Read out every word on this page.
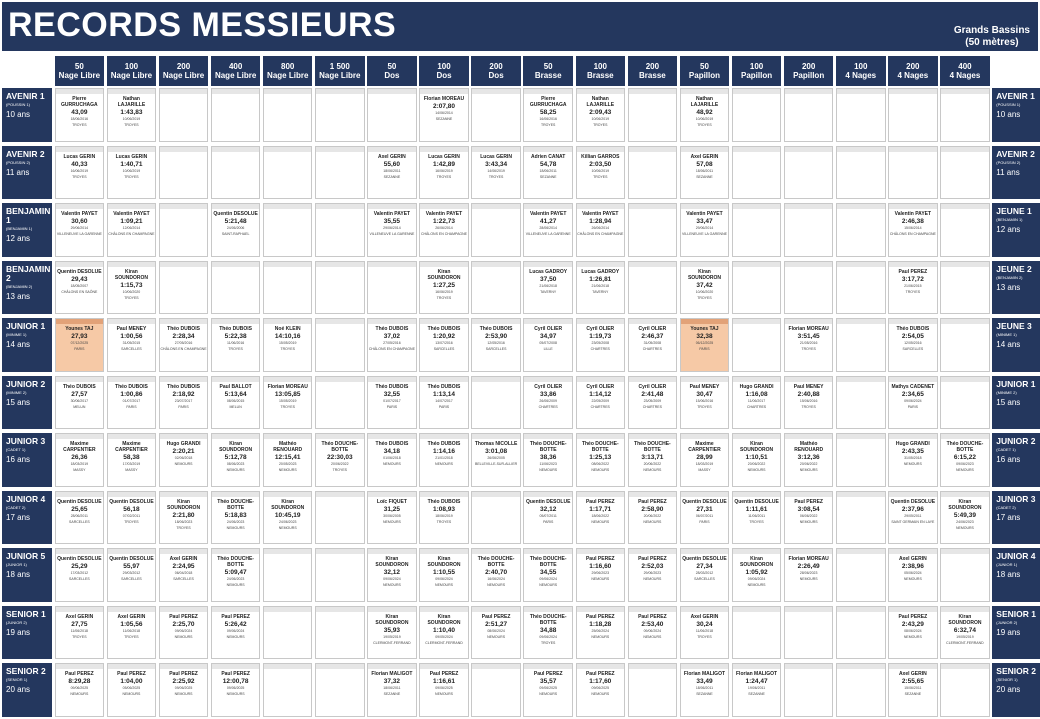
RECORDS MESSIEURS	Grands Bassins
(50 mètres)
50
Nage Libre
100
Nage Libre
200
Nage Libre
400
Nage Libre
800
Nage Libre
1 500
Nage Libre
50
Dos
100
Dos
200
Dos
50
Brasse
100
Brasse
200
Brasse
50
Papillon
100
Papillon
200
Papillon
100
4 Nages
200
4 Nages
400
4 Nages
AVENIR 1
(POUSSIN 1)
10 ans
Pierre GURRUCHAGA
43,09
18/06/2016
TROYES
Nathan LAJARILLE
1:43,83
10/06/2019
TROYES
Florian MOREAU
2:07,80
14/06/2014
SEZANNE
Pierre GURRUCHAGA
58,25
16/06/2016
TROYES
Nathan LAJARILLE
2:09,43
10/06/2019
TROYES
Nathan LAJARILLE
48,92
10/06/2019
TROYES
AVENIR 1
(POUSSIN 1)
10 ans
AVENIR 2
(POUSSIN 2)
11 ans
Lucas GERIN
40,33
16/06/2019
TROYES
Lucas GERIN
1:40,71
10/06/2019
TROYES
Axel GERIN
55,60
18/06/2011
SEZANNE
Lucas GERIN
1:42,89
16/06/2019
TROYES
Lucas GERIN
3:43,34
14/06/2019
TROYES
Adrien CANAT
54,78
18/06/2011
SEZANNE
Killian GARROS
2:03,50
10/06/2019
TROYES
Axel GERIN
57,08
18/06/2011
SEZANNE
AVENIR 2
(POUSSIN 2)
11 ans
BENJAMIN 1
(BENJAMIN 1)
12 ans
Valentin PAYET
30,60
29/06/2014
VILLENEUVE LA GARENNE
Valentin PAYET
1:09,21
12/06/2014
CHÂLONS EN CHAMPAGNE
Quentin DESOLUE
5:21,48
24/06/2006
SAINT-RAPHAEL
Valentin PAYET
35,55
29/06/2014
VILLENEUVE LA GARENNE
Valentin PAYET
1:22,73
26/06/2014
CHÂLONS EN CHAMPAGNE
Valentin PAYET
41,27
28/06/2014
VILLENEUVE LA GARENNE
Valentin PAYET
1:28,94
26/06/2014
CHÂLONS EN CHAMPAGNE
Valentin PAYET
33,47
29/06/2014
VILLENEUVE LA GARENNE
Valentin PAYET
2:46,38
15/06/2014
CHÂLONS EN CHAMPAGNE
JEUNE 1
(BENJAMIN 1)
12 ans
BENJAMIN 2
(BENJAMIN 2)
13 ans
Quentin DESOLUE
29,43
18/05/2007
CHÂLONS EN SAÔNE
Kiran SOUNDORON
1:15,73
10/06/2020
TROYES
Kiran SOUNDORON
1:27,25
16/06/2019
TROYES
Lucas GADROY
37,50
21/06/2018
TAVERNY
Lucas GADROY
1:26,81
21/06/2018
TAVERNY
Kiran SOUNDORON
37,42
10/06/2020
TROYES
Paul PEREZ
3:17,72
21/06/2015
TROYES
JEUNE 2
(BENJAMIN 2)
13 ans
JUNIOR 1
(MINIME 1)
14 ans
Younes TAJ
27,93
07/12/2025
PARIS
Paul MENEY
1:00,56
31/05/2015
SARCELLES
Théo DUBOIS
2:28,34
27/05/2016
CHÂLONS EN CHAMPAGNE
Théo DUBOIS
5:22,38
11/06/2016
TROYES
Noé KLEIN
14:10,16
15/05/2019
TROYES
Théo DUBOIS
37,02
27/05/2016
CHÂLONS EN CHAMPAGNE
Théo DUBOIS
1:20,92
13/07/2016
SARCELLES
Théo DUBOIS
2:53,90
12/05/2016
SARCELLES
Cyril OLIER
34,97
05/07/2008
LILLE
Cyril OLIER
1:19,73
23/05/2008
CHARTRES
Cyril OLIER
2:46,37
31/05/2008
CHARTRES
Younes TAJ
32,38
06/12/2025
PARIS
Florian MOREAU
3:51,45
21/05/2016
TROYES
Théo DUBOIS
2:54,05
12/05/2016
SARCELLES
JEUNE 3
(MINIME 1)
14 ans
JUNIOR 2
(MINIME 2)
15 ans
Théo DUBOIS
27,57
30/06/2017
MELUN
Théo DUBOIS
1:00,86
01/07/2017
PARIS
Théo DUBOIS
2:18,92
23/07/2017
PARIS
Paul BALLOT
5:13,64
08/06/2015
MELUN
Florian MOREAU
13:05,85
15/05/2019
TROYES
Théo DUBOIS
32,55
01/07/2017
PARIS
Théo DUBOIS
1:13,14
14/07/2017
PARIS
Cyril OLIER
33,86
26/06/2009
CHARTRES
Cyril OLIER
1:14,12
22/05/2009
CHARTRES
Cyril OLIER
2:41,48
23/05/2009
CHARTRES
Paul MENEY
30,47
15/06/2016
TROYES
Hugo GRANDI
1:16,08
11/06/2017
CHARTRES
Paul MENEY
2:40,88
15/06/2016
TROYES
Mathys CADENET
2:34,65
09/06/2024
PARIS
JUNIOR 1
(MINIME 2)
15 ans
JUNIOR 3
(CADET 1)
16 ans
Maxime CARPENTIER
26,36
18/03/2019
MASSY
Maxime CARPENTIER
58,38
17/03/2019
MASSY
Hugo GRANDI
2:20,21
02/06/2018
NEMOURS
Kiran SOUNDORON
5:12,78
08/06/2023
NEMOURS
Mathéo RENOUARD
12:15,41
20/05/2023
NEMOURS
Théo DOUCHE-BOTTE
22:30,03
20/06/2022
TROYES
Théo DUBOIS
34,18
01/06/2018
NEMOURS
Théo DUBOIS
1:14,16
21/01/2018
NEMOURS
Thomas NICOLLE
3:01,08
26/06/2005
BELLEVILLE-SUR-ALLIER
Théo DOUCHE-BOTTE
38,36
11/06/2023
NEMOURS
Théo DOUCHE-BOTTE
1:25,13
08/06/2022
NEMOURS
Théo DOUCHE-BOTTE
3:13,71
20/06/2022
NEMOURS
Maxime CARPENTIER
28,99
18/03/2019
MASSY
Kiran SOUNDORON
1:10,51
20/06/2022
NEMOURS
Mathéo RENOUARD
3:12,36
20/06/2022
NEMOURS
Hugo GRANDI
2:43,35
31/05/2018
NEMOURS
Théo DOUCHE-BOTTE
6:15,22
09/06/2023
NEMOURS
JUNIOR 2
(CADET 1)
16 ans
JUNIOR 4
(CADET 2)
17 ans
Quentin DESOLUE
25,65
28/06/2011
SARCELLES
Quentin DESOLUE
56,18
07/02/2011
TROYES
Kiran SOUNDORON
2:21,80
18/06/2023
TROYES
Théo DOUCHE-BOTTE
5:18,83
24/06/2023
NEMOURS
Kiran SOUNDORON
10:45,19
24/06/2023
NEMOURS
Loïc FIQUET
31,25
30/06/2005
NEMOURS
Théo DUBOIS
1:08,93
18/06/2019
TROYES
Quentin DESOLUE
32,12
05/07/2011
PARIS
Paul PEREZ
1:17,71
18/06/2022
NEMOURS
Paul PEREZ
2:58,90
20/06/2022
NEMOURS
Quentin DESOLUE
27,31
06/07/2011
PARIS
Quentin DESOLUE
1:11,61
11/06/2011
TROYES
Paul PEREZ
3:08,54
06/06/2022
NEMOURS
Quentin DESOLUE
2:37,96
29/05/2011
SAINT GERMAIN EN LAYE
Kiran SOUNDORON
5:49,39
24/06/2023
NEMOURS
JUNIOR 3
(CADET 2)
17 ans
JUNIOR 5
(JUNIOR 1)
18 ans
Quentin DESOLUE
25,29
17/03/2012
SARCELLES
Quentin DESOLUE
55,97
29/03/2012
SARCELLES
Axel GERIN
2:24,95
06/04/2018
SARCELLES
Théo DOUCHE-BOTTE
5:09,47
24/06/2023
NEMOURS
Kiran SOUNDORON
32,12
09/06/2024
NEMOURS
Kiran SOUNDORON
1:10,55
09/06/2024
NEMOURS
Théo DOUCHE-BOTTE
2:40,70
16/06/2024
NEMOURS
Théo DOUCHE-BOTTE
34,55
09/06/2024
NEMOURS
Paul PEREZ
1:16,60
29/06/2023
NEMOURS
Paul PEREZ
2:52,03
29/06/2023
NEMOURS
Quentin DESOLUE
27,34
28/03/2012
SARCELLES
Kiran SOUNDORON
1:05,92
09/06/2024
NEMOURS
Florian MOREAU
2:26,49
28/06/2023
NEMOURS
Axel GERIN
2:38,96
05/06/2024
NEMOURS
JUNIOR 4
(JUNIOR 1)
18 ans
SENIOR 1
(JUNIOR 2)
19 ans
Axel GERIN
27,75
11/06/2018
TROYES
Axel GERIN
1:05,56
11/06/2018
TROYES
Paul PEREZ
2:25,70
09/06/2024
NEMOURS
Paul PEREZ
5:26,42
09/06/2024
NEMOURS
Kiran SOUNDORON
35,93
19/05/2019
CLERMONT-FERRAND
Kiran SOUNDORON
1:10,40
09/05/2024
CLERMONT-FERRAND
Paul PEREZ
2:51,27
08/06/2024
NEMOURS
Théo DOUCHE-BOTTE
34,88
09/06/2024
TROYES
Paul PEREZ
1:18,28
25/06/2024
NEMOURS
Paul PEREZ
2:53,40
09/06/2024
NEMOURS
Axel GERIN
30,24
11/06/2018
TROYES
Paul PEREZ
2:43,29
08/06/2024
NEMOURS
Kiran SOUNDORON
6:32,74
19/05/2019
CLERMONT-FERRAND
SENIOR 1
(JUNIOR 2)
19 ans
SENIOR 2
(SENIOR 1)
20 ans
Paul PEREZ
8:29,28
09/06/2025
NEMOURS
Paul PEREZ
1:04,00
05/06/2025
NEMOURS
Paul PEREZ
2:25,92
09/06/2025
NEMOURS
Paul PEREZ
12:00,78
09/06/2025
NEMOURS
Florian MALIGOT
37,32
18/06/2011
SEZANNE
Paul PEREZ
1:16,61
09/06/2025
NEMOURS
Paul PEREZ
35,57
09/06/2025
NEMOURS
Paul PEREZ
1:17,60
09/06/2025
NEMOURS
Florian MALIGOT
33,49
18/06/2011
SEZANNE
Florian MALIGOT
1:24,47
19/06/2011
SEZANNE
Axel GERIN
2:55,65
15/06/2011
SEZANNE
SENIOR 2
(SENIOR 1)
20 ans
